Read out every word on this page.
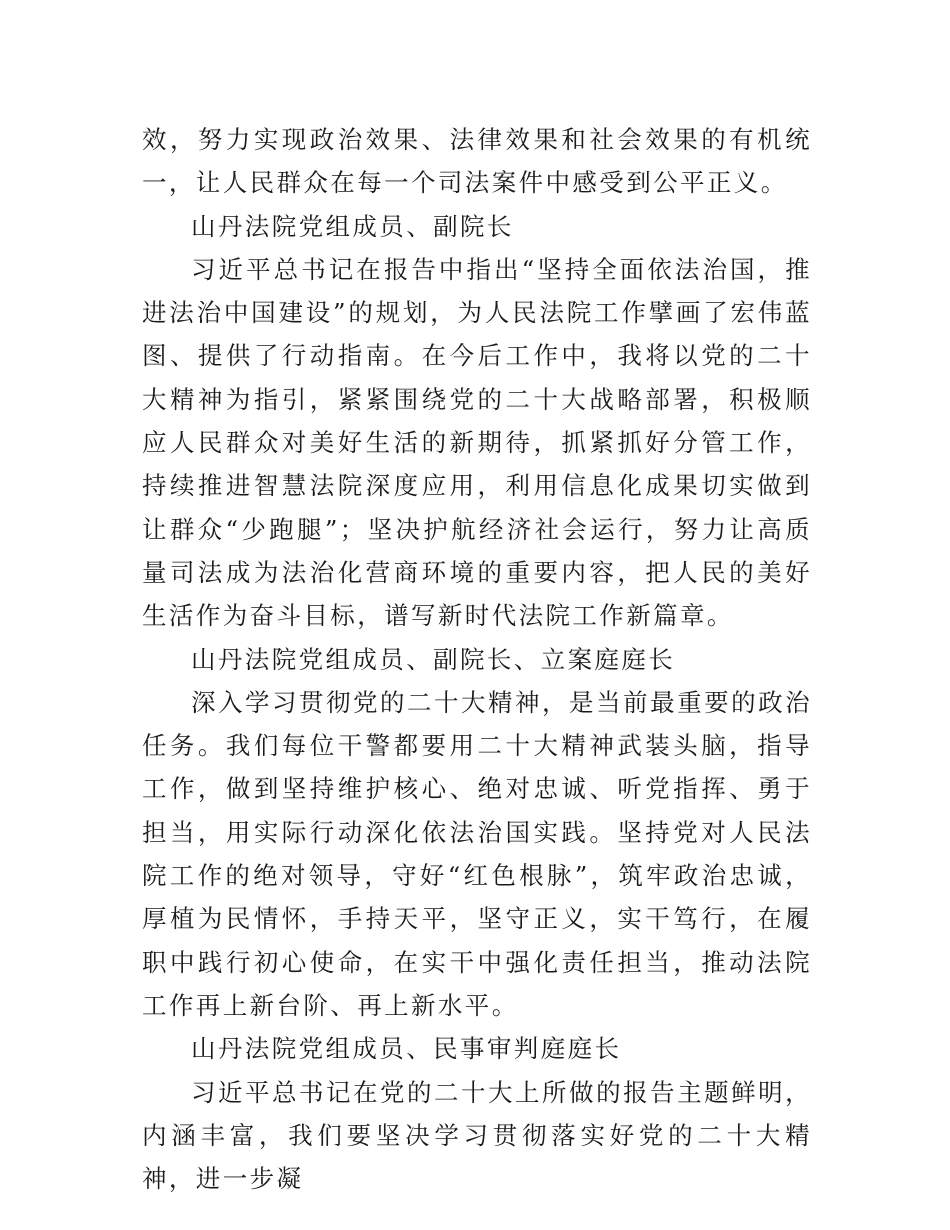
效，努力实现政治效果、法律效果和社会效果的有机统一，让人民群众在每一个司法案件中感受到公平正义。

山丹法院党组成员、副院长

习近平总书记在报告中指出“坚持全面依法治国，推进法治中国建设”的规划，为人民法院工作擘画了宏伟蓝图、提供了行动指南。在今后工作中，我将以党的二十大精神为指引，紧紧围绕党的二十大战略部署，积极顺应人民群众对美好生活的新期待，抓紧抓好分管工作，持续推进智慧法院深度应用，利用信息化成果切实做到让群众“少跑腿”；坚决护航经济社会运行，努力让高质量司法成为法治化营商环境的重要内容，把人民的美好生活作为奋斗目标，谱写新时代法院工作新篇章。

山丹法院党组成员、副院长、立案庭庭长

深入学习贯彻党的二十大精神，是当前最重要的政治任务。我们每位干警都要用二十大精神武装头脑，指导工作，做到坚持维护核心、绝对忠诚、听党指挥、勇于担当，用实际行动深化依法治国实践。坚持党对人民法院工作的绝对领导，守好“红色根脉”，筑牢政治忠诚，厚植为民情怀，手持天平，坚守正义，实干笃行，在履职中践行初心使命，在实干中强化责任担当，推动法院工作再上新台阶、再上新水平。

山丹法院党组成员、民事审判庭庭长

习近平总书记在党的二十大上所做的报告主题鲜明，内涵丰富，我们要坚决学习贯彻落实好党的二十大精神，进一步凝
